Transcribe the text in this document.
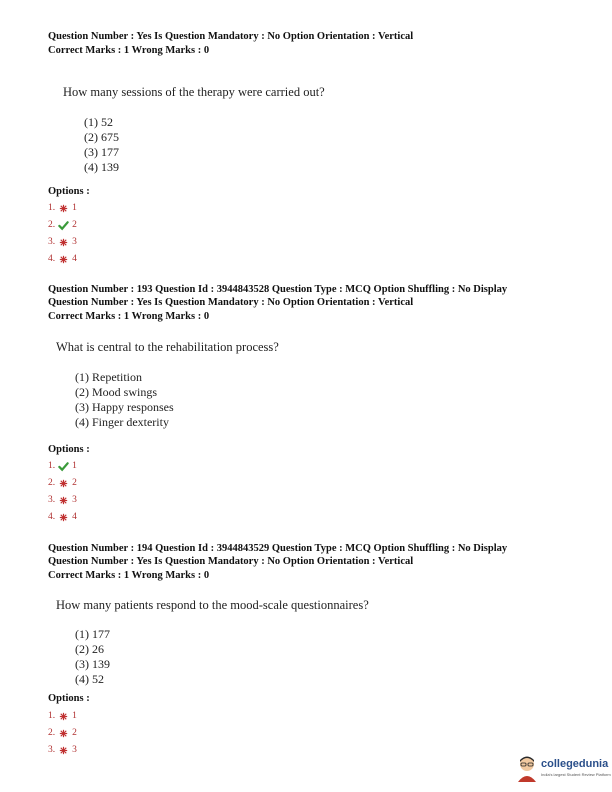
Question Number : Yes Is Question Mandatory : No Option Orientation : Vertical
Correct Marks : 1 Wrong Marks : 0
How many sessions of the therapy were carried out?
(1) 52
(2) 675
(3) 177
(4) 139
Options :
1. 1
2. 2
3. 3
4. 4
Question Number : 193 Question Id : 3944843528 Question Type : MCQ Option Shuffling : No Display
Question Number : Yes Is Question Mandatory : No Option Orientation : Vertical
Correct Marks : 1 Wrong Marks : 0
What is central to the rehabilitation process?
(1) Repetition
(2) Mood swings
(3) Happy responses
(4) Finger dexterity
Options :
1. 1
2. 2
3. 3
4. 4
Question Number : 194 Question Id : 3944843529 Question Type : MCQ Option Shuffling : No Display
Question Number : Yes Is Question Mandatory : No Option Orientation : Vertical
Correct Marks : 1 Wrong Marks : 0
How many patients respond to the mood-scale questionnaires?
(1) 177
(2) 26
(3) 139
(4) 52
Options :
1. 1
2. 2
3. 3
collegedunia
India's largest Student Review Platform
